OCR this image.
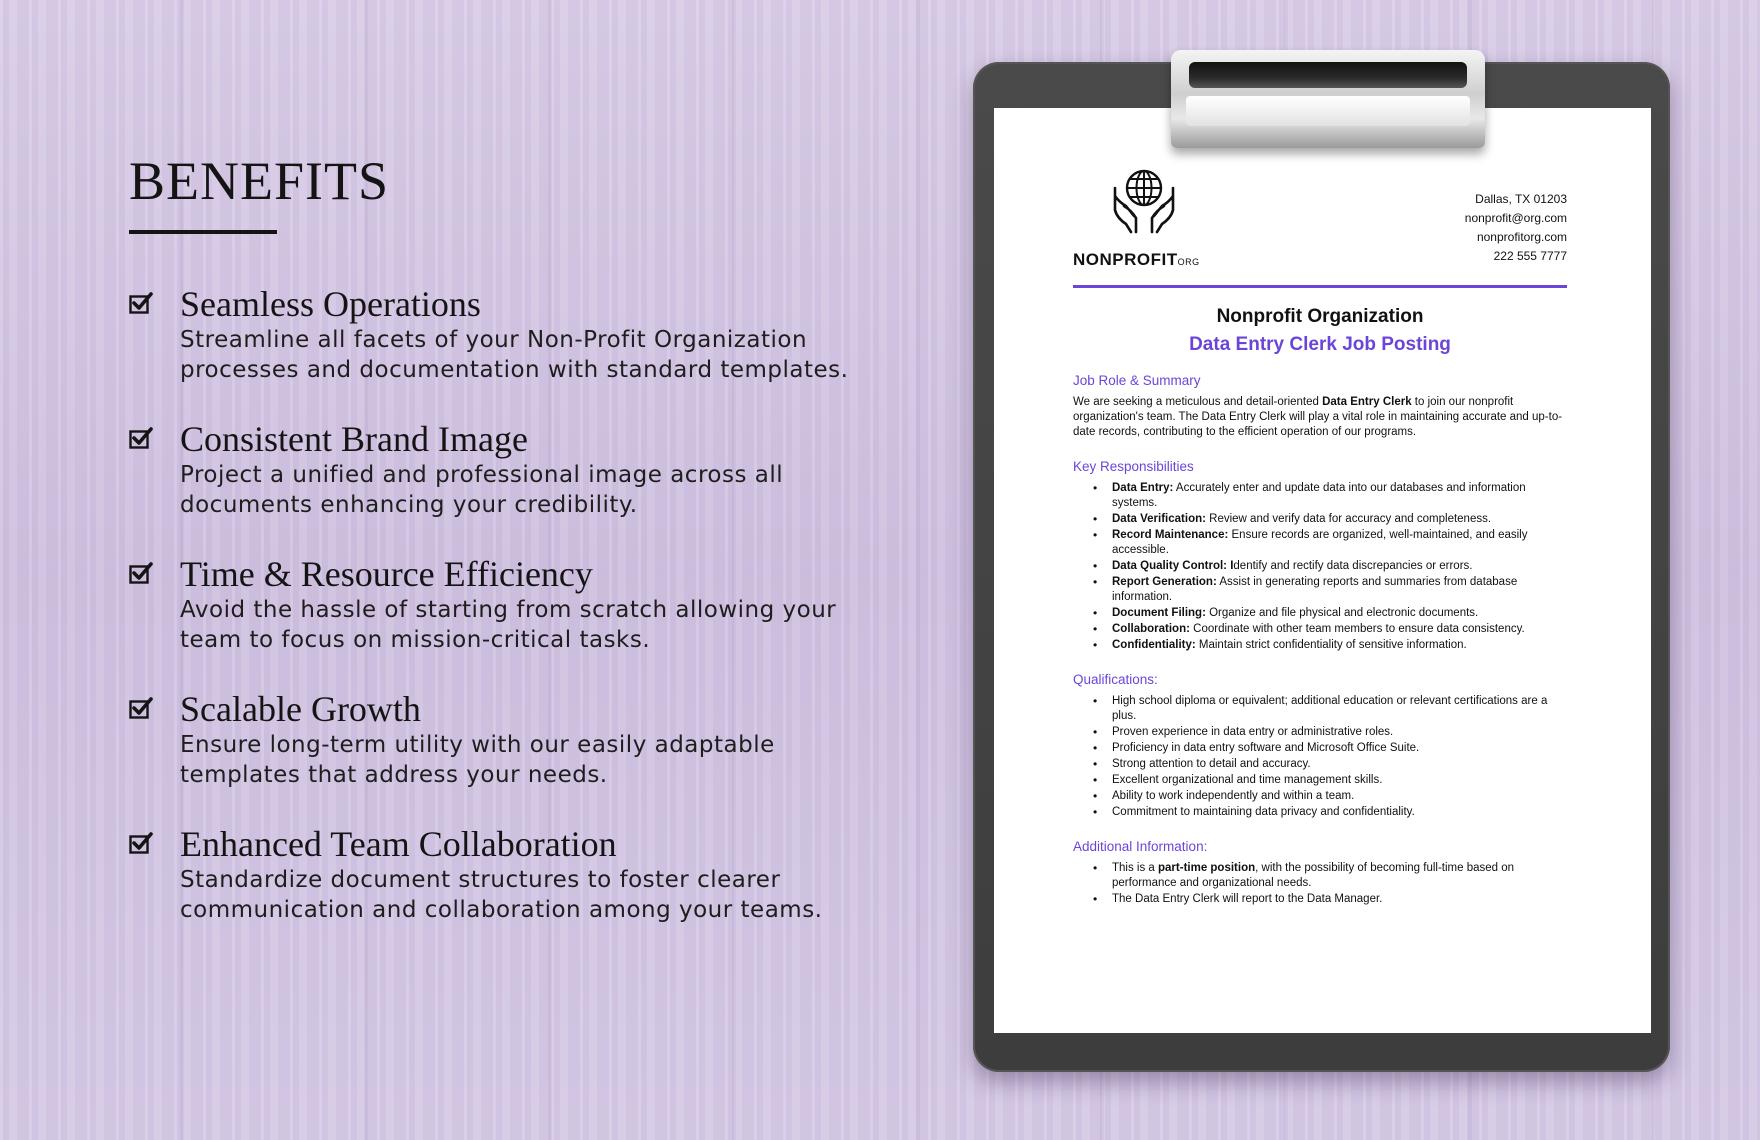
BENEFITS
Seamless Operations
Streamline all facets of your Non-Profit Organization processes and documentation with standard templates.
Consistent Brand Image
Project a unified and professional image across all documents enhancing your credibility.
Time & Resource Efficiency
Avoid the hassle of starting from scratch allowing your team to focus on mission-critical tasks.
Scalable Growth
Ensure long-term utility with our easily adaptable templates that address your needs.
Enhanced Team Collaboration
Standardize document structures to foster clearer communication and collaboration among your teams.
NONPROFITORG
Dallas, TX 01203
nonprofit@org.com
nonprofitorg.com
222 555 7777
Nonprofit Organization
Data Entry Clerk Job Posting
Job Role & Summary

We are seeking a meticulous and detail-oriented Data Entry Clerk to join our nonprofit organization's team. The Data Entry Clerk will play a vital role in maintaining accurate and up-to-date records, contributing to the efficient operation of our programs.

Key Responsibilities
• Data Entry: Accurately enter and update data into our databases and information systems.
• Data Verification: Review and verify data for accuracy and completeness.
• Record Maintenance: Ensure records are organized, well-maintained, and easily accessible.
• Data Quality Control: Identify and rectify data discrepancies or errors.
• Report Generation: Assist in generating reports and summaries from database information.
• Document Filing: Organize and file physical and electronic documents.
• Collaboration: Coordinate with other team members to ensure data consistency.
• Confidentiality: Maintain strict confidentiality of sensitive information.
Qualifications:
• High school diploma or equivalent; additional education or relevant certifications are a plus.
• Proven experience in data entry or administrative roles.
• Proficiency in data entry software and Microsoft Office Suite.
• Strong attention to detail and accuracy.
• Excellent organizational and time management skills.
• Ability to work independently and within a team.
• Commitment to maintaining data privacy and confidentiality.
Additional Information:
• This is a part-time position, with the possibility of becoming full-time based on performance and organizational needs.
• The Data Entry Clerk will report to the Data Manager.
